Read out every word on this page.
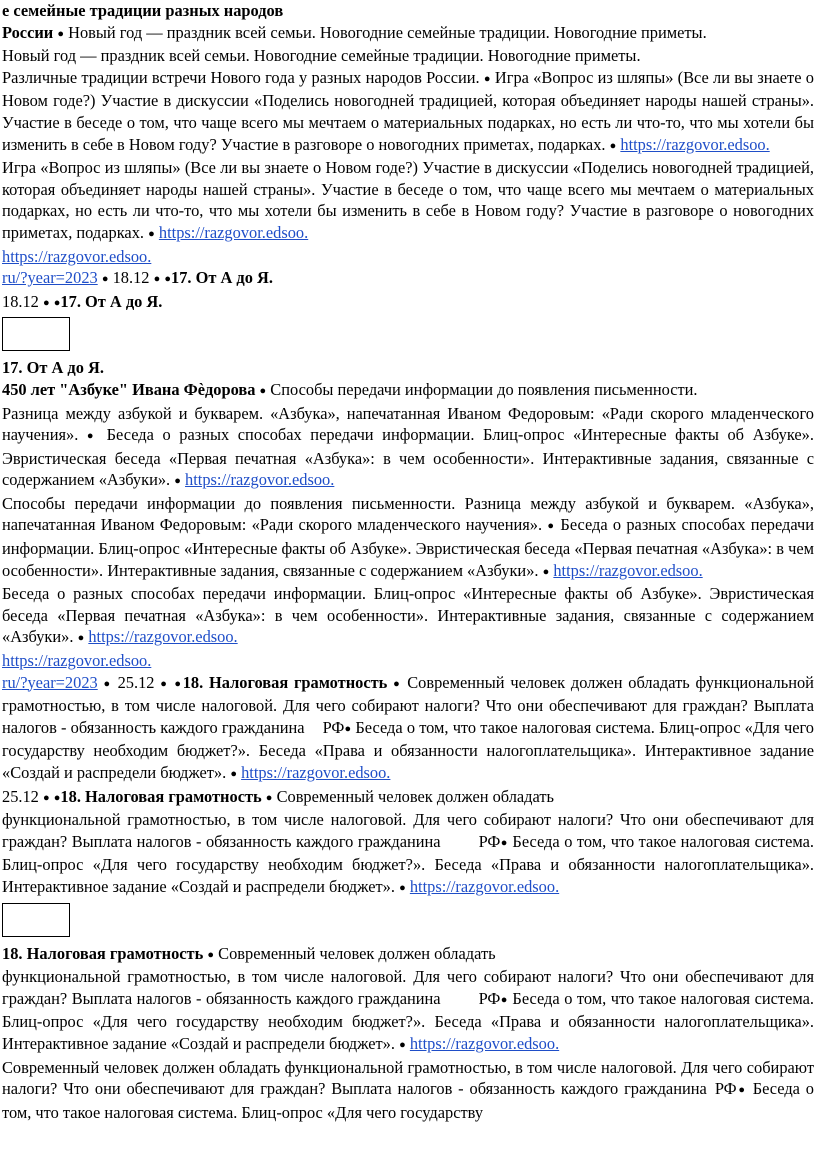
е семейные традиции разных народов

России ● Новый год — праздник всей семьи. Новогодние семейные традиции. Новогодние приметы.

Новый год — праздник всей семьи. Новогодние семейные традиции. Новогодние приметы.

Различные традиции встречи Нового года у разных народов России. ● Игра «Вопрос из шляпы» (Все ли вы знаете о Новом годе?) Участие в дискуссии «Поделись новогодней традицией, которая объединяет народы нашей страны». Участие в беседе о том, что чаще всего мы мечтаем о материальных подарках, но есть ли что-то, что мы хотели бы изменить в себе в Новом году? Участие в разговоре о новогодних приметах, подарках. ● https://razgovor.edsoo.

Игра «Вопрос из шляпы» (Все ли вы знаете о Новом годе?) Участие в дискуссии «Поделись новогодней традицией, которая объединяет народы нашей страны». Участие в беседе о том, что чаще всего мы мечтаем о материальных подарках, но есть ли что-то, что мы хотели бы изменить в себе в Новом году? Участие в разговоре о новогодних приметах, подарках. ● https://razgovor.edsoo.

https://razgovor.edsoo.

ru/?year=2023 ● 18.12 ● ●17. От А до Я.

18.12 ● ●17. От А до Я.

17. От А до Я.

450 лет "Азбуке" Ивана Фѐдорова ● Способы передачи информации до появления письменности.

Разница между азбукой и букварем. «Азбука», напечатанная Иваном Федоровым: «Ради скорого младенческого научения». ● Беседа о разных способах передачи информации. Блиц-опрос «Интересные факты об Азбуке». Эвристическая беседа «Первая печатная «Азбука»: в чем особенности». Интерактивные задания, связанные с содержанием «Азбуки». ● https://razgovor.edsoo.

Способы передачи информации до появления письменности. Разница между азбукой и букварем. «Азбука», напечатанная Иваном Федоровым: «Ради скорого младенческого научения». ● Беседа о разных способах передачи информации. Блиц-опрос «Интересные факты об Азбуке». Эвристическая беседа «Первая печатная «Азбука»: в чем особенности». Интерактивные задания, связанные с содержанием «Азбуки». ● https://razgovor.edsoo.

Беседа о разных способах передачи информации. Блиц-опрос «Интересные факты об Азбуке». Эвристическая беседа «Первая печатная «Азбука»: в чем особенности». Интерактивные задания, связанные с содержанием «Азбуки». ● https://razgovor.edsoo.

https://razgovor.edsoo.

ru/?year=2023 ● 25.12 ● ●18. Налоговая грамотность ● Современный человек должен обладать функциональной грамотностью, в том числе налоговой. Для чего собирают налоги? Что они обеспечивают для граждан? Выплата налогов - обязанность каждого гражданина РФ● Беседа о том, что такое налоговая система. Блиц-опрос «Для чего государству необходим бюджет?». Беседа «Права и обязанности налогоплательщика». Интерактивное задание «Создай и распредели бюджет». ● https://razgovor.edsoo.

25.12 ● ●18. Налоговая грамотность ● Современный человек должен обладать

функциональной грамотностью, в том числе налоговой. Для чего собирают налоги? Что они обеспечивают для граждан? Выплата налогов - обязанность каждого гражданина РФ● Беседа о том, что такое налоговая система. Блиц-опрос «Для чего государству необходим бюджет?». Беседа «Права и обязанности налогоплательщика». Интерактивное задание «Создай и распредели бюджет». ● https://razgovor.edsoo.

18. Налоговая грамотность ● Современный человек должен обладать

функциональной грамотностью, в том числе налоговой. Для чего собирают налоги? Что они обеспечивают для граждан? Выплата налогов - обязанность каждого гражданина РФ● Беседа о том, что такое налоговая система. Блиц-опрос «Для чего государству необходим бюджет?». Беседа «Права и обязанности налогоплательщика». Интерактивное задание «Создай и распредели бюджет». ● https://razgovor.edsoo.

Современный человек должен обладать функциональной грамотностью, в том числе налоговой. Для чего собирают налоги? Что они обеспечивают для граждан? Выплата налогов - обязанность каждого гражданина РФ● Беседа о том, что такое налоговая система. Блиц-опрос «Для чего государству
